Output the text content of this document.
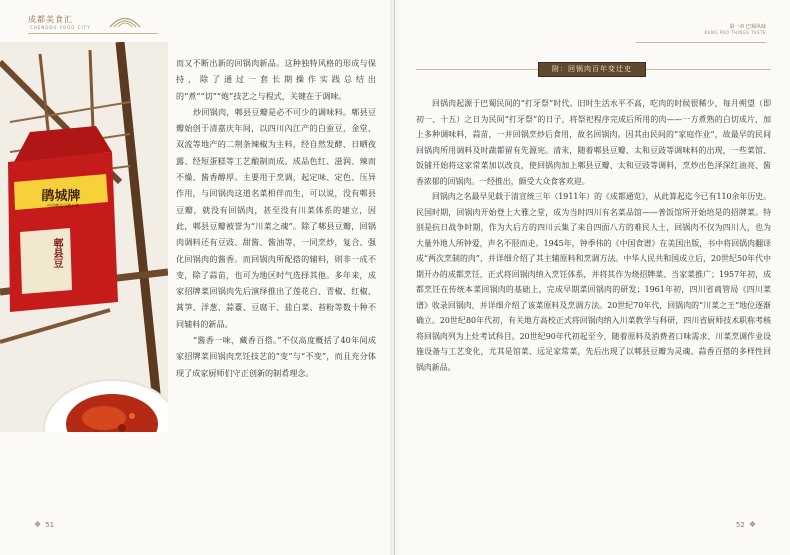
成都美食汇
CHENGDU FOOD CITY
鹃城牌
中国郫县豆瓣名牌
郫县豆

而又不断出新的回锅肉新品。这种独特风格的形成与保持，除了通过一套长期操作实践总结出的“煮”“切”“炮”技艺之与程式，关键在于调味。

炒回锅肉，郫县豆瓣是必不可少的调味料。郫县豆瓣始创于清嘉庆年间，以四川內江产的白蚕豆，金堂、双流等地产的二荆条辣椒为主料，经自然发酵、日晒夜露、经短蛋糕等工艺酿制而成。成品色红、滋润、辣而不燥、酱香醇厚。主要用于烹调，起定味、定色、压异作用，与回锅肉这道名菜相伴而生，可以说，没有郫县豆瓣，就没有回锅肉，甚至没有川菜体系的建立，因此，郫县豆瓣被誉为“川菜之魂”。除了郫县豆瓣，回锅肉调料还有豆豉、甜酱、酱油等，一同烹炒，复合、强化回锅肉的酱香。而回锅肉所配搭的辅料，则非一成不变，除了蒜苗，也可为地区时气选择其他。多年来，成家招牌菜回锅肉先后演绎推出了莲花白、青椒、红椒、蒿笋、洋葱、蒜薹、豆腐干、盐白菜、苔粉等数十种不同辅料的新品。

“酱香一味，藏香百搭。”不仅高度概括了40年间成家招牌菜回锅肉烹饪技艺的“变”与“不变”，而且充分体现了成家厨师们守正创新的制肴理念。

❖ 51
第一章 巴蜀风味
KUNG PAO THINGS TASTE
附：回锅肉百年变迁史

回锅肉起源于巴蜀民间的“打牙祭”时代。旧时生活水平不高，吃肉的时候很稀少，每月朔望（即初一、十五）之日为民间“打牙祭”的日子，将祭祀程序完成后所用的肉——一方煮熟的白切成片，加上多种调味料，蒜苗，一并回锅烹炒后食用，故名回锅肉。因其由民间的“家庭作业”，故最早的民间回锅肉所用调料及时蔬都留有先源宪。清末，随着郫县豆瓣、太和豆豉等调味料的出现，一些菜馆、饭铺开始将这家常菜加以改良，使回锅肉加上郫县豆瓣、太和豆豉等调料，烹炒出色泽深红油亮、酱香浓郁的回锅肉。一经推出，颇受大众食客欢迎。

回锅肉之名最早见载于清宣统三年（1911年）的《成都通览》，从此算起迄今已有110余年历史。民国时期，回锅肉开始登上大雅之堂，成为当时四川有名菜品馆——普饭馆所开始培是的招牌菜。特别是抗日战争时期，作为大后方的四川云集了来自四面八方的难民人士，回锅肉不仅为四川人，也为大量外地人所钟爱，声名不胫而走。1945年，钟季伟的《中国食谱》在美国出版，书中将回锅肉翻译成“两次烹制的肉”，并详细介绍了其主辅原料和烹调方法。中华人民共和国成立后，20世纪50年代中期开办的成都烹饪，正式将回锅肉纳入烹饪体系，并将其作为烧招牌菜、当家菜推广；1957年初，成都烹饪在传统本菜回锅肉的基础上，完成早期菜回锅肉的研发；1961年初，四川省商管局《四川菜谱》收录回锅肉，并详细介绍了该菜原料及烹调方法。20世纪70年代，回锅肉的“川菜之王”地位逐渐确立。20世纪80年代初，有关地方高校正式将回锅肉纳入川菜教学与科研，四川省厨师技术职称考核将回锅肉列为上灶考试科目。20世纪90年代初起至今，随着原料及消费者口味需求、川菜烹调作业设施设备与工艺变化，尤其是馆菜、远足家常菜，先后出现了以郫县豆瓣为灵魂、蒜香百搭的多样性回锅肉新品。

52 ❖
